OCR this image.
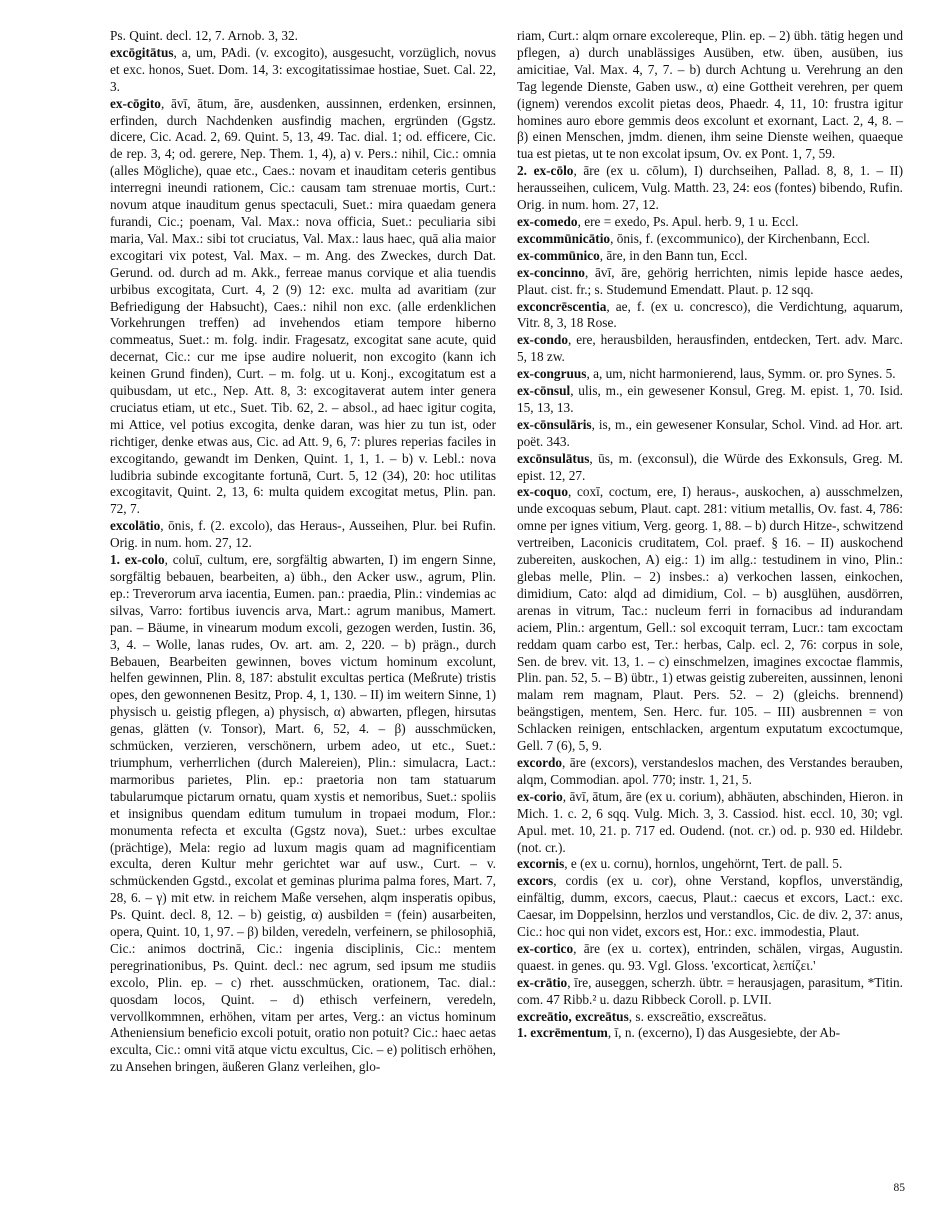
Ps. Quint. decl. 12, 7. Arnob. 3, 32.

excōgitātus, a, um, PAdi. (v. excogito), ausgesucht, vorzüglich, novus et exc. honos, Suet. Dom. 14, 3: excogitatissimae hostiae, Suet. Cal. 22, 3.

ex-cōgito, āvī, ātum, āre, ausdenken, aussinnen, erdenken, ersinnen, erfinden, durch Nachdenken ausfindig machen, ergründen (Ggstz. dicere, Cic. Acad. 2, 69. Quint. 5, 13, 49. Tac. dial. 1; od. efficere, Cic. de rep. 3, 4; od. gerere, Nep. Them. 1, 4), a) v. Pers.: nihil, Cic.: omnia (alles Mögliche), quae etc., Caes.: novam et inauditam ceteris gentibus interregni ineundi rationem, Cic.: causam tam strenuae mortis, Curt.: novum atque inauditum genus spectaculi, Suet.: mira quaedam genera furandi, Cic.; poenam, Val. Max.: nova officia, Suet.: peculiaria sibi maria, Val. Max.: sibi tot cruciatus, Val. Max.: laus haec, quā alia maior excogitari vix potest, Val. Max. – m. Ang. des Zweckes, durch Dat. Gerund. od. durch ad m. Akk., ferreae manus corvique et alia tuendis urbibus excogitata, Curt. 4, 2 (9) 12: exc. multa ad avaritiam (zur Befriedigung der Habsucht), Caes.: nihil non exc. (alle erdenklichen Vorkehrungen treffen) ad invehendos etiam tempore hiberno commeatus, Suet.: m. folg. indir. Fragesatz, excogitat sane acute, quid decernat, Cic.: cur me ipse audire noluerit, non excogito (kann ich keinen Grund finden), Curt. – m. folg. ut u. Konj., excogitatum est a quibusdam, ut etc., Nep. Att. 8, 3: excogitaverat autem inter genera cruciatus etiam, ut etc., Suet. Tib. 62, 2. – absol., ad haec igitur cogita, mi Attice, vel potius excogita, denke daran, was hier zu tun ist, oder richtiger, denke etwas aus, Cic. ad Att. 9, 6, 7: plures reperias faciles in excogitando, gewandt im Denken, Quint. 1, 1, 1. – b) v. Lebl.: nova ludibria subinde excogitante fortunā, Curt. 5, 12 (34), 20: hoc utilitas excogitavit, Quint. 2, 13, 6: multa quidem excogitat metus, Plin. pan. 72, 7.

excolātio, ōnis, f. (2. excolo), das Heraus-, Ausseihen, Plur. bei Rufin. Orig. in num. hom. 27, 12.

1. ex-colo, coluī, cultum, ere, sorgfältig abwarten, I) im engern Sinne, sorgfältig bebauen, bearbeiten, a) übh., den Acker usw., agrum, Plin. ep.: Treverorum arva iacentia, Eumen. pan.: praedia, Plin.: vindemias ac silvas, Varro: fortibus iuvencis arva, Mart.: agrum manibus, Mamert. pan. – Bäume, in vinearum modum excoli, gezogen werden, Iustin. 36, 3, 4. – Wolle, lanas rudes, Ov. art. am. 2, 220. – b) prägn., durch Bebauen, Bearbeiten gewinnen, boves victum hominum excolunt, helfen gewinnen, Plin. 8, 187: abstulit excultas pertica (Meßrute) tristis opes, den gewonnenen Besitz, Prop. 4, 1, 130. – II) im weitern Sinne, 1) physisch u. geistig pflegen, a) physisch, α) abwarten, pflegen, hirsutas genas, glätten (v. Tonsor), Mart. 6, 52, 4. – β) ausschmücken, schmücken, verzieren, verschönern, urbem adeo, ut etc., Suet.: triumphum, verherrlichen (durch Malereien), Plin.: simulacra, Lact.: marmoribus parietes, Plin. ep.: praetoria non tam statuarum tabularumque pictarum ornatu, quam xystis et nemoribus, Suet.: spoliis et insignibus quendam editum tumulum in tropaei modum, Flor.: monumenta refecta et exculta (Ggstz nova), Suet.: urbes excultae (prächtige), Mela: regio ad luxum magis quam ad magnificentiam exculta, deren Kultur mehr gerichtet war auf usw., Curt. – v. schmückenden Ggstd., excolat et geminas plurima palma fores, Mart. 7, 28, 6. – γ) mit etw. in reichem Maße versehen, alqm insperatis opibus, Ps. Quint. decl. 8, 12. – b) geistig, α) ausbilden = (fein) ausarbeiten, opera, Quint. 10, 1, 97. – β) bilden, veredeln, verfeinern, se philosophiā, Cic.: animos doctrinā, Cic.: ingenia disciplinis, Cic.: mentem peregrinationibus, Ps. Quint. decl.: nec agrum, sed ipsum me studiis excolo, Plin. ep. – c) rhet. ausschmücken, orationem, Tac. dial.: quosdam locos, Quint. – d) ethisch verfeinern, veredeln, vervollkommnen, erhöhen, vitam per artes, Verg.: an victus hominum Atheniensium beneficio excoli potuit, oratio non potuit? Cic.: haec aetas exculta, Cic.: omni vitā atque victu excultus, Cic. – e) politisch erhöhen, zu Ansehen bringen, äußeren Glanz verleihen, glo-

riam, Curt.: alqm ornare excolereque, Plin. ep. – 2) übh. tätig hegen und pflegen, a) durch unablässiges Ausüben, etw. üben, ausüben, ius amicitiae, Val. Max. 4, 7, 7. – b) durch Achtung u. Verehrung an den Tag legende Dienste, Gaben usw., α) eine Gottheit verehren, per quem (ignem) verendos excolit pietas deos, Phaedr. 4, 11, 10: frustra igitur homines auro ebore gemmis deos excolunt et exornant, Lact. 2, 4, 8. – β) einen Menschen, jmdm. dienen, ihm seine Dienste weihen, quaeque tua est pietas, ut te non excolat ipsum, Ov. ex Pont. 1, 7, 59.

2. ex-cōlo, āre (ex u. cōlum), I) durchseihen, Pallad. 8, 8, 1. – II) herausseihen, culicem, Vulg. Matth. 23, 24: eos (fontes) bibendo, Rufin. Orig. in num. hom. 27, 12.

ex-comedo, ere = exedo, Ps. Apul. herb. 9, 1 u. Eccl.

excommūnicātio, ōnis, f. (excommunico), der Kirchenbann, Eccl.

ex-commūnico, āre, in den Bann tun, Eccl.

ex-concinno, āvī, āre, gehörig herrichten, nimis lepide hasce aedes, Plaut. cist. fr.; s. Studemund Emendatt. Plaut. p. 12 sqq.

exconcrēscentia, ae, f. (ex u. concresco), die Verdichtung, aquarum, Vitr. 8, 3, 18 Rose.

ex-condo, ere, herausbilden, herausfinden, entdecken, Tert. adv. Marc. 5, 18 zw.

ex-congruus, a, um, nicht harmonierend, laus, Symm. or. pro Synes. 5.

ex-cōnsul, ulis, m., ein gewesener Konsul, Greg. M. epist. 1, 70. Isid. 15, 13, 13.

ex-cōnsulāris, is, m., ein gewesener Konsular, Schol. Vind. ad Hor. art. poët. 343.

excōnsulātus, ūs, m. (exconsul), die Würde des Exkonsuls, Greg. M. epist. 12, 27.

ex-coquo, coxī, coctum, ere, I) heraus-, auskochen, a) ausschmelzen, unde excoquas sebum, Plaut. capt. 281: vitium metallis, Ov. fast. 4, 786: omne per ignes vitium, Verg. georg. 1, 88. – b) durch Hitze-, schwitzend vertreiben, Laconicis cruditatem, Col. praef. § 16. – II) auskochend zubereiten, auskochen, A) eig.: 1) im allg.: testudinem in vino, Plin.: glebas melle, Plin. – 2) insbes.: a) verkochen lassen, einkochen, dimidium, Cato: alqd ad dimidium, Col. – b) ausglühen, ausdörren, arenas in vitrum, Tac.: nucleum ferri in fornacibus ad indurandam aciem, Plin.: argentum, Gell.: sol excoquit terram, Lucr.: tam excoctam reddam quam carbo est, Ter.: herbas, Calp. ecl. 2, 76: corpus in sole, Sen. de brev. vit. 13, 1. – c) einschmelzen, imagines excoctae flammis, Plin. pan. 52, 5. – B) übtr., 1) etwas geistig zubereiten, aussinnen, lenoni malam rem magnam, Plaut. Pers. 52. – 2) (gleichs. brennend) beängstigen, mentem, Sen. Herc. fur. 105. – III) ausbrennen = von Schlacken reinigen, entschlacken, argentum exputatum excoctumque, Gell. 7 (6), 5, 9.

excordo, āre (excors), verstandeslos machen, des Verstandes berauben, alqm, Commodian. apol. 770; instr. 1, 21, 5.

ex-corio, āvī, ātum, āre (ex u. corium), abhäuten, abschinden, Hieron. in Mich. 1. c. 2, 6 sqq. Vulg. Mich. 3, 3. Cassiod. hist. eccl. 10, 30; vgl. Apul. met. 10, 21. p. 717 ed. Oudend. (not. cr.) od. p. 930 ed. Hildebr. (not. cr.).

excornis, e (ex u. cornu), hornlos, ungehörnt, Tert. de pall. 5.

excors, cordis (ex u. cor), ohne Verstand, kopflos, unverständig, einfältig, dumm, excors, caecus, Plaut.: caecus et excors, Lact.: exc. Caesar, im Doppelsinn, herzlos und verstandlos, Cic. de div. 2, 37: anus, Cic.: hoc qui non videt, excors est, Hor.: exc. immodestia, Plaut.

ex-cortico, āre (ex u. cortex), entrinden, schälen, virgas, Augustin. quaest. in genes. qu. 93. Vgl. Gloss. 'excorticat, λεπίζει.'

ex-crātio, īre, auseggen, scherzh. übtr. = herausjagen, parasitum, *Titin. com. 47 Ribb.² u. dazu Ribbeck Coroll. p. LVII.

excreātio, excreātus, s. exscreātio, exscreātus.

1. excrēmentum, ī, n. (excerno), I) das Ausgesiebte, der Ab-

85
